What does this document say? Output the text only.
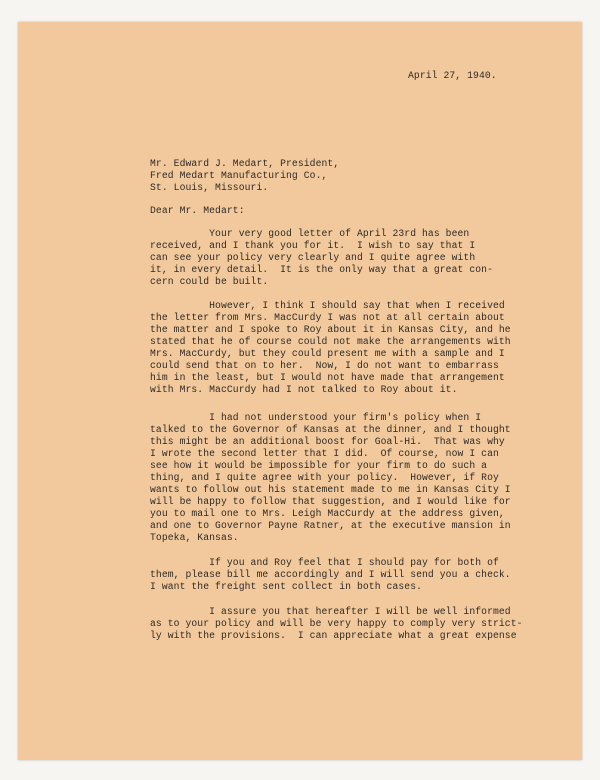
April 27, 1940.
Mr. Edward J. Medart, President,
Fred Medart Manufacturing Co.,
St. Louis, Missouri.
Dear Mr. Medart:
Your very good letter of April 23rd has been
received, and I thank you for it.  I wish to say that I
can see your policy very clearly and I quite agree with
it, in every detail.  It is the only way that a great con-
cern could be built.
However, I think I should say that when I received
the letter from Mrs. MacCurdy I was not at all certain about
the matter and I spoke to Roy about it in Kansas City, and he
stated that he of course could not make the arrangements with
Mrs. MacCurdy, but they could present me with a sample and I
could send that on to her.  Now, I do not want to embarrass
him in the least, but I would not have made that arrangement
with Mrs. MacCurdy had I not talked to Roy about it.
I had not understood your firm's policy when I
talked to the Governor of Kansas at the dinner, and I thought
this might be an additional boost for Goal-Hi.  That was why
I wrote the second letter that I did.  Of course, now I can
see how it would be impossible for your firm to do such a
thing, and I quite agree with your policy.  However, if Roy
wants to follow out his statement made to me in Kansas City I
will be happy to follow that suggestion, and I would like for
you to mail one to Mrs. Leigh MacCurdy at the address given,
and one to Governor Payne Ratner, at the executive mansion in
Topeka, Kansas.
If you and Roy feel that I should pay for both of
them, please bill me accordingly and I will send you a check.
I want the freight sent collect in both cases.
I assure you that hereafter I will be well informed
as to your policy and will be very happy to comply very strict-
ly with the provisions.  I can appreciate what a great expense
